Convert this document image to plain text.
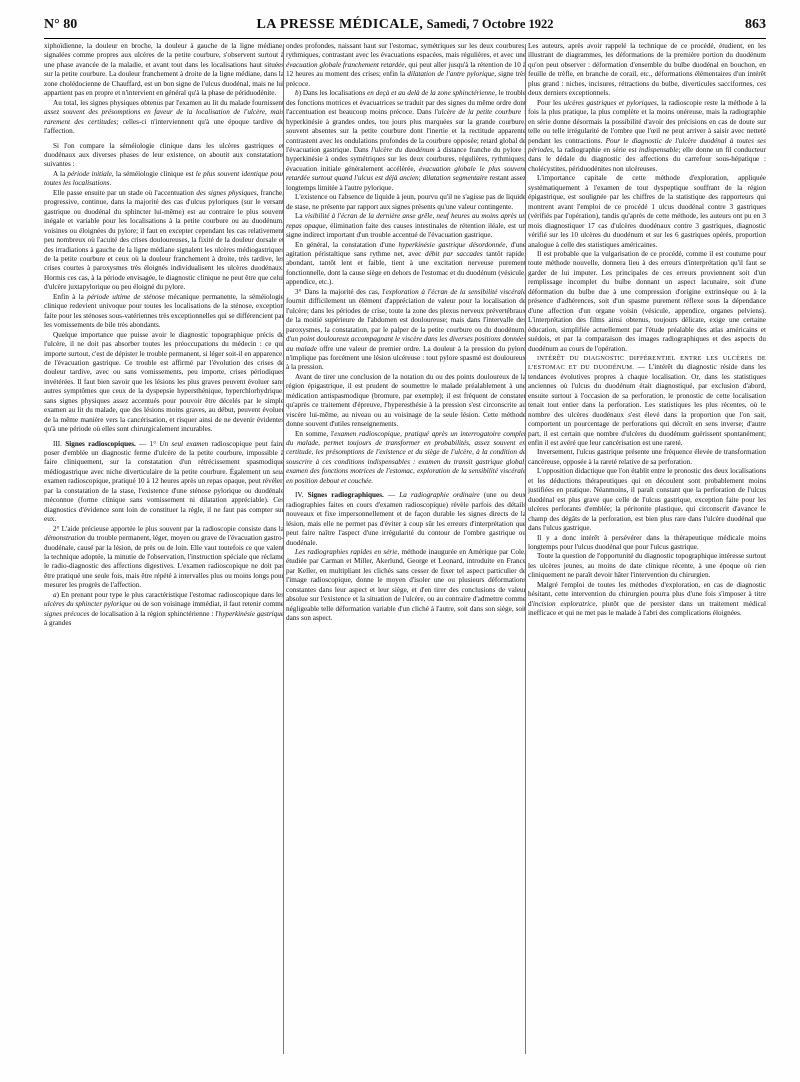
N° 80	LA PRESSE MÉDICALE, Samedi, 7 Octobre 1922	863

xiphoïdienne, la douleur en broche, la douleur à gauche de la ligne médiane, signalées comme propres aux ulcères de la petite courbure, s'observent surtout à une phase avancée de la maladie, et avant tout dans les localisations haut situées sur la petite courbure. La douleur franchement à droite de la ligne médiane, dans la zone cholédocienne de Chauffard, est un bon signe de l'ulcus duodénal, mais ne lui appartient pas en propre et n'intervient en général qu'à la phase de périduodénite.

Au total, les signes physiques obtenus par l'examen au lit du malade fournissent assez souvent des présomptions en faveur de la localisation de l'ulcère, mais rarement des certitudes; celles-ci n'interviennent qu'à une époque tardive de l'affection.

Si l'on compare la séméiologie clinique dans les ulcères gastriques et duodénaux aux diverses phases de leur existence, on aboutit aux constatations suivantes :

A la période initiale, la séméiologie clinique est le plus souvent identique pour toutes les localisations.

Elle passe ensuite par un stade où l'accentuation des signes physiques, franche, progressive, continue, dans la majorité des cas d'ulcus pyloriques (sur le versant gastrique ou duodénal du sphincter lui-même) est au contraire le plus souvent inégale et variable pour les localisations à la petite courbure ou au duodénum, voisines ou éloignées du pylore; il faut en excepter cependant les cas relativement peu nombreux où l'acuité des crises douloureuses, la fixité de la douleur dorsale et des irradiations à gauche de la ligne médiane signalent les ulcères médiogastriques de la petite courbure et ceux où la douleur franchement à droite, très tardive, les crises courtes à paroxysmes très éloignés individualisent les ulcères duodénaux. Hormis ces cas, à la période envisagée, le diagnostic clinique ne peut être que celui d'ulcère juxtapylorique ou peu éloigné du pylore.

Enfin à la période ultime de sténose mécanique permanente, la séméiologie clinique redevient univoque pour toutes les localisations de la sténose, exception faite pour les sténoses sous-vatériennes très exceptionnelles qui se différencient par les vomissements de bile très abondants.

Quelque importance que puisse avoir le diagnostic topographique précis de l'ulcère, il ne doit pas absorber toutes les préoccupations du médecin : ce qui importe surtout, c'est de dépister le trouble permanent, si léger soit-il en apparence, de l'évacuation gastrique. Ce trouble est affirmé par l'évolution des crises de douleur tardive, avec ou sans vomissements, peu importe, crises périodiques invétérées. Il faut bien savoir que les lésions les plus graves peuvent évoluer sans autres symptômes que ceux de la dyspepsie hypersthénique, hyperchlorhydrique, sans signes physiques assez accentués pour pouvoir être décelés par le simple examen au lit du malade, que des lésions moins graves, au début, peuvent évoluer de la même manière vers la cancérisation, et risquer ainsi de ne devenir évidentes qu'à une période où elles sont chirurgicalement incurables.

III. Signes radioscopiques. — 1° Un seul examen radioscopique peut faire poser d'emblée un diagnostic ferme d'ulcère de la petite courbure, impossible à faire cliniquement, sur la constatation d'un rétrécissement spasmodique médiogastrique avec niche diverticulaire de la petite courbure. Également un seul examen radioscopique, pratiqué 10 à 12 heures après un repas opaque, peut révéler, par la constatation de la stase, l'existence d'une sténose pylorique ou duodénale méconnue (forme clinique sans vomissement ni dilatation appréciable). Ces diagnostics d'évidence sont loin de constituer la règle, il ne faut pas compter sur eux.

2° L'aide précieuse apportée le plus souvent par la radioscopie consiste dans la démonstration du trouble permanent, léger, moyen ou grave de l'évacuation gastro-duodénale, causé par la lésion, de près ou de loin. Elle vaut toutefois ce que valent la technique adoptée, la minutie de l'observation, l'instruction spéciale que réclame le radio-diagnostic des affections digestives. L'examen radioscopique ne doit pas être pratiqué une seule fois, mais être répété à intervalles plus ou moins longs pour mesurer les progrès de l'affection.

a) En prenant pour type le plus caractéristique l'estomac radioscopique dans les ulcères du sphincter pylorique ou de son voisinage immédiat, il faut retenir comme signes précoces de localisation à la région sphinctérienne : l'hyperkinésie gastrique à grandes

ondes profondes, naissant haut sur l'estomac, symétriques sur les deux courbures, rythmiques, contrastant avec les évacuations espacées, mais régulières, et avec une évacuation globale franchement retardée, qui peut aller jusqu'à la rétention de 10 à 12 heures au moment des crises; enfin la dilatation de l'antre pylorique, signe très précoce.

b) Dans les localisations en deçà et au delà de la zone sphinctérienne, le trouble des fonctions motrices et évacuatrices se traduit par des signes du même ordre dont l'accentuation est beaucoup moins précoce. Dans l'ulcère de la petite courbure : hyperkinésie à grandes ondes, tou jours plus marquées sur la grande courbure, souvent absentes sur la petite courbure dont l'inertie et la rectitude apparente contrastent avec les ondulations profondes de la courbure opposée; retard global de l'évacuation gastrique. Dans l'ulcère du duodénum à distance franche du pylore : hyperkinésie à ondes symétriques sur les deux courbures, régulières, rythmiques; évacuation initiale généralement accélérée, évacuation globale le plus souvent retardée surtout quand l'ulcus est déjà ancien; dilatation segmentaire restant assez longtemps limitée à l'autre pylorique.

L'existence ou l'absence de liquide à jeun, pourvu qu'il ne s'agisse pas de liquide de stase, ne présente par rapport aux signes présents qu'une valeur contingente.

La visibilité à l'écran de la dernière anse grêle, neuf heures au moins après un repas opaque, élimination faite des causes intestinales de rétention iléale, est un signe indirect important d'un trouble accentué de l'évacuation gastrique.

En général, la constatation d'une hyperkinésie gastrique désordonnée, d'une agitation péristaltique sans rythme net, avec débit par saccades tantôt rapide, abondant, tantôt lent et faible, tient à une excitation nerveuse purement fonctionnelle, dont la cause siège en dehors de l'estomac et du duodénum (vésicule, appendice, etc.).

3° Dans la majorité des cas, l'exploration à l'écran de la sensibilité viscérale fournit difficilement un élément d'appréciation de valeur pour la localisation de l'ulcère; dans les périodes de crise, toute la zone des plexus nerveux prévertébraux de la moitié supérieure de l'abdomen est douloureuse; mais dans l'intervalle des paroxysmes, la constatation, par le palper de la petite courbure ou du duodénum, d'un point douloureux accompagnant le viscère dans les diverses positions données au malade offre une valeur de premier ordre. La douleur à la pression du pylore n'implique pas forcément une lésion ulcéreuse : tout pylore spasmé est douloureux à la pression.

Avant de tirer une conclusion de la notation du ou des points douloureux de la région épigastrique, il est prudent de soumettre le malade préalablement à une médication antispasmodique (bromure, par exemple); il est fréquent de constater qu'après ce traitement d'épreuve, l'hyperesthésie à la pression s'est circonscrite au viscère lui-même, au niveau ou au voisinage de la seule lésion. Cette méthode donne souvent d'utiles renseignements.

En somme, l'examen radioscopique, pratiqué après un interrogatoire complet du malade, permet toujours de transformer en probabilités, assez souvent en certitude, les présomptions de l'existence et du siège de l'ulcère, à la condition de souscrire à ces conditions indispensables : examen du transit gastrique global, examen des fonctions motrices de l'estomac, exploration de la sensibilité viscérale en position debout et couchée.

IV. Signes radiographiques. — La radiographie ordinaire (une ou deux radiographies faites en cours d'examen radioscopique) révèle parfois des détails nouveaux et fixe impersonnellement et de façon durable les signes directs de la lésion, mais elle ne permet pas d'éviter à coup sûr les erreurs d'interprétation que peut faire naître l'aspect d'une irrégularité du contour de l'ombre gastrique ou duodénale.

Les radiographies rapides en série, méthode inaugurée en Amérique par Cole, étudiée par Carman et Miller, Akerlund, George et Leonard, introduite en France par Keller, en multipliant les clichés sans cesser de fixer tel aspect particulier de l'image radioscopique, donne le moyen d'isoler une ou plusieurs déformations constantes dans leur aspect et leur siège, et d'en tirer des conclusions de valeur absolue sur l'existence et la situation de l'ulcère, ou au contraire d'admettre comme négligeable telle déformation variable d'un cliché à l'autre, soit dans son siège, soit dans son aspect.

Les auteurs, après avoir rappelé la technique de ce procédé, étudient, en les illustrant de diagrammes, les déformations de la première portion du duodénum qu'on peut observer : déformation d'ensemble du bulbe duodénal en bouchon, en feuille de trèfle, en branche de corail, etc., déformations élémentaires d'un intérêt plus grand : niches, incisures, rétractions du bulbe, diverticules sacciformes, ces deux derniers exceptionnels.

Pour les ulcères gastriques et pyloriques, la radioscopie reste la méthode à la fois la plus pratique, la plus complète et la moins onéreuse, mais la radiographie en série donne désormais la possibilité d'avoir des précisions en cas de doute sur telle ou telle irrégularité de l'ombre que l'œil ne peut arriver à saisir avec netteté pendant les contractions. Pour le diagnostic de l'ulcère duodénal à toutes ses périodes, la radiographie en série est indispensable; elle donne un fil conducteur dans le dédale du diagnostic des affections du carrefour sous-hépatique : cholécystites, périduodénites non ulcéreuses.

L'importance capitale de cette méthode d'exploration, appliquée systématiquement à l'examen de tout dyspeptique souffrant de la région épigastrique, est soulignée par les chiffres de la statistique des rapporteurs qui montrent avant l'emploi de ce procédé 1 ulcus duodénal contre 3 gastriques (vérifiés par l'opération), tandis qu'après de cette méthode, les auteurs ont pu en 3 mois diagnostiquer 17 cas d'ulcères duodénaux contre 3 gastriques, diagnostic vérifié sur les 10 ulcères du duodénum et sur les 6 gastriques opérés, proportion analogue à celle des statistiques américaines.

Il est probable que la vulgarisation de ce procédé, comme il est coutume pour toute méthode nouvelle, donnera lieu à des erreurs d'interprétation qu'il faut se garder de lui imputer. Les principales de ces erreurs proviennent soit d'un remplissage incomplet du bulbe donnant un aspect lacunaire, soit d'une déformation du bulbe due à une compression d'origine extrinsèque ou à la présence d'adhérences, soit d'un spasme purement réflexe sous la dépendance d'une affection d'un organe voisin (vésicule, appendice, organes pelviens). L'interprétation des films ainsi obtenus, toujours délicate, exige une certaine éducation, simplifiée actuellement par l'étude préalable des atlas américains et suédois, et par la comparaison des images radiographiques et des aspects du duodénum au cours de l'opération.

INTÉRÊT DU DIAGNOSTIC DIFFÉRENTIEL ENTRE LES ULCÈRES DE L'ESTOMAC ET DU DUODÉNUM. — L'intérêt du diagnostic réside dans les tendances évolutives propres à chaque localisation. Or, dans les statistiques anciennes où l'ulcus du duodénum était diagnostiqué, par exclusion d'abord, ensuite surtout à l'occasion de sa perforation, le pronostic de cette localisation tenait tout entier dans la perforation. Les statistiques les plus récentes, où le nombre des ulcères duodénaux s'est élevé dans la proportion que l'on sait, comportent un pourcentage de perforations qui décroît en sens inverse; d'autre part, il est certain que nombre d'ulcères du duodénum guérissent spontanément; enfin il est avéré que leur cancérisation est une rareté.

Inversement, l'ulcus gastrique présente une fréquence élevée de transformation cancéreuse, opposée à la rareté relative de sa perforation.

L'opposition didactique que l'on établit entre le pronostic des deux localisations et les déductions thérapeutiques qui en découlent sont probablement moins justifiées en pratique. Néanmoins, il paraît constant que la perforation de l'ulcus duodénal est plus grave que celle de l'ulcus gastrique, exception faite pour les ulcères perforants d'emblée; la péritonite plastique, qui circonscrit d'avance le champ des dégâts de la perforation, est bien plus rare dans l'ulcère duodénal que dans l'ulcus gastrique.

Il y a donc intérêt à persévérer dans la thérapeutique médicale moins longtemps pour l'ulcus duodénal que pour l'ulcus gastrique.

Toute la question de l'opportunité du diagnostic topographique intéresse surtout les ulcères jeunes, au moins de date clinique récente, à une époque où rien cliniquement ne paraît devoir hâter l'intervention du chirurgien.

Malgré l'emploi de toutes les méthodes d'exploration, en cas de diagnostic hésitant, cette intervention du chirurgien pourra plus d'une fois s'imposer à titre d'incision exploratrice, plutôt que de persister dans un traitement médical inefficace et qui ne met pas le malade à l'abri des complications éloignées.
